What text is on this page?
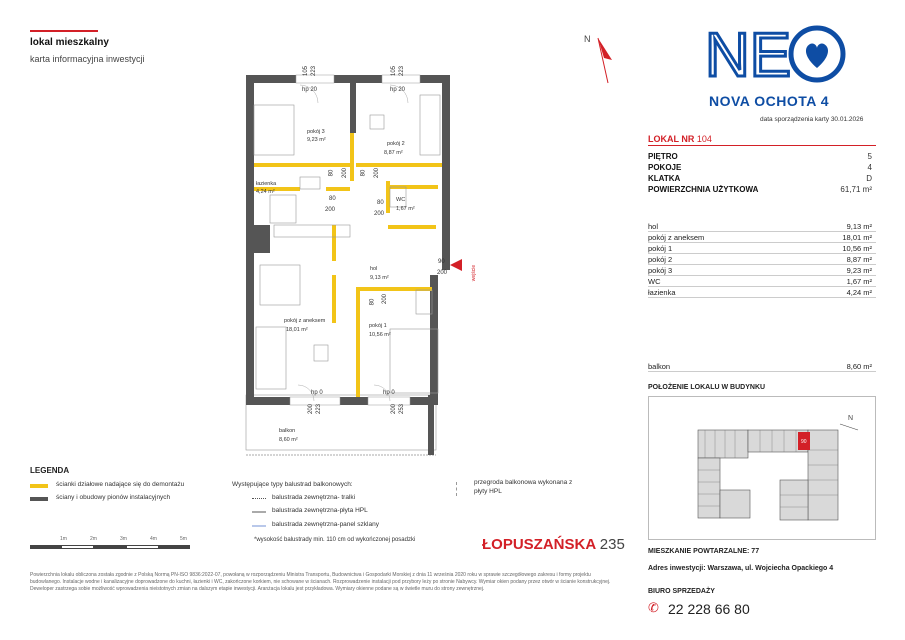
lokal mieszkalny
karta informacyjna inwestycji
N NE
NOVA OCHOTA 4
data sporządzenia karty 30.01.2026
LOKAL NR 104
PIĘTRO	5
POKOJE	4
KLATKA	D
POWIERZCHNIA UŻYTKOWA	61,71 m²
hol	9,13 m²
pokój z aneksem	18,01 m²
pokój 1	10,56 m²
pokój 2	8,87 m²
pokój 3	9,23 m²
WC	1,67 m²
łazienka	4,24 m²
balkon	8,60 m²
POŁOŻENIE LOKALU W BUDYNKU
90
N
MIESZKANIE POWTARZALNE: 77
Adres inwestycji: Warszawa, ul. Wojciecha Opackiego 4
BIURO SPRZEDAŻY
✆ 22 228 66 80
pokój 3
9,23 m²
pokój 2
8,87 m²
łazienka
4,24 m²
WC
1,67 m²
hol
9,13 m²
pokój z aneksem
18,01 m²
pokój 1
10,56 m²
balkon
8,60 m²
hp 20	hp 20
hp 0	hp 0
105 223	105 223
200 223	200 253
80 200 80 200
80
200
80
200
90
200
80 200
wejście
LEGENDA
ścianki działowe nadające się do demontażu
ściany i obudowy pionów instalacyjnych
Występujące typy balustrad balkonowych:
balustrada zewnętrzna- tralki
balustrada zewnętrzna-płyta HPL
balustrada zewnętrzna-panel szklany
*wysokość balustrady min. 110 cm od wykończonej posadzki
przegroda balkonowa wykonana z płyty HPL
1m	2m	3m	4m	5m	ŁOPUSZAŃSKA 235
Powierzchnia lokalu obliczona została zgodnie z Polską Normą PN-ISO 9836:2022-07, powołaną w rozporządzeniu Ministra Transportu, Budownictwa i Gospodarki Morskiej z dnia 11 września 2020 roku w sprawie szczegółowego zakresu i formy projektu budowlanego. Instalacje wodne i kanalizacyjne doprowadzone do kuchni, łazienki i WC, zakończone korkiem, nie schowane w ścianach. Rozprowadzenie instalacji pod przybory leży po stronie Nabywcy. Wymiar okien podany przez otwór w ścianie konstrukcyjnej. Deweloper zastrzega sobie możliwość wprowadzenia nieistotnych zmian na dalszym etapie inwestycji. Aranżacja lokalu jest przykładowa. Wymiary okienne podane są w świetle muru do strony zewnętrznej.
